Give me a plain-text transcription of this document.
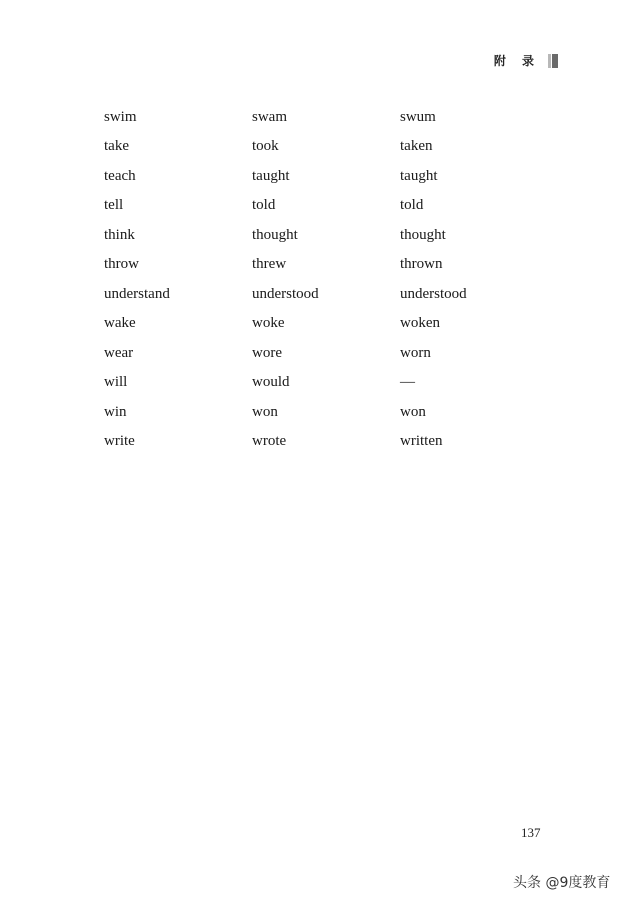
附 录
swim	swam	swum
take	took	taken
teach	taught	taught
tell	told	told
think	thought	thought
throw	threw	thrown
understand	understood	understood
wake	woke	woken
wear	wore	worn
will	would	—
win	won	won
write	wrote	written
137
头条 @9度教育
